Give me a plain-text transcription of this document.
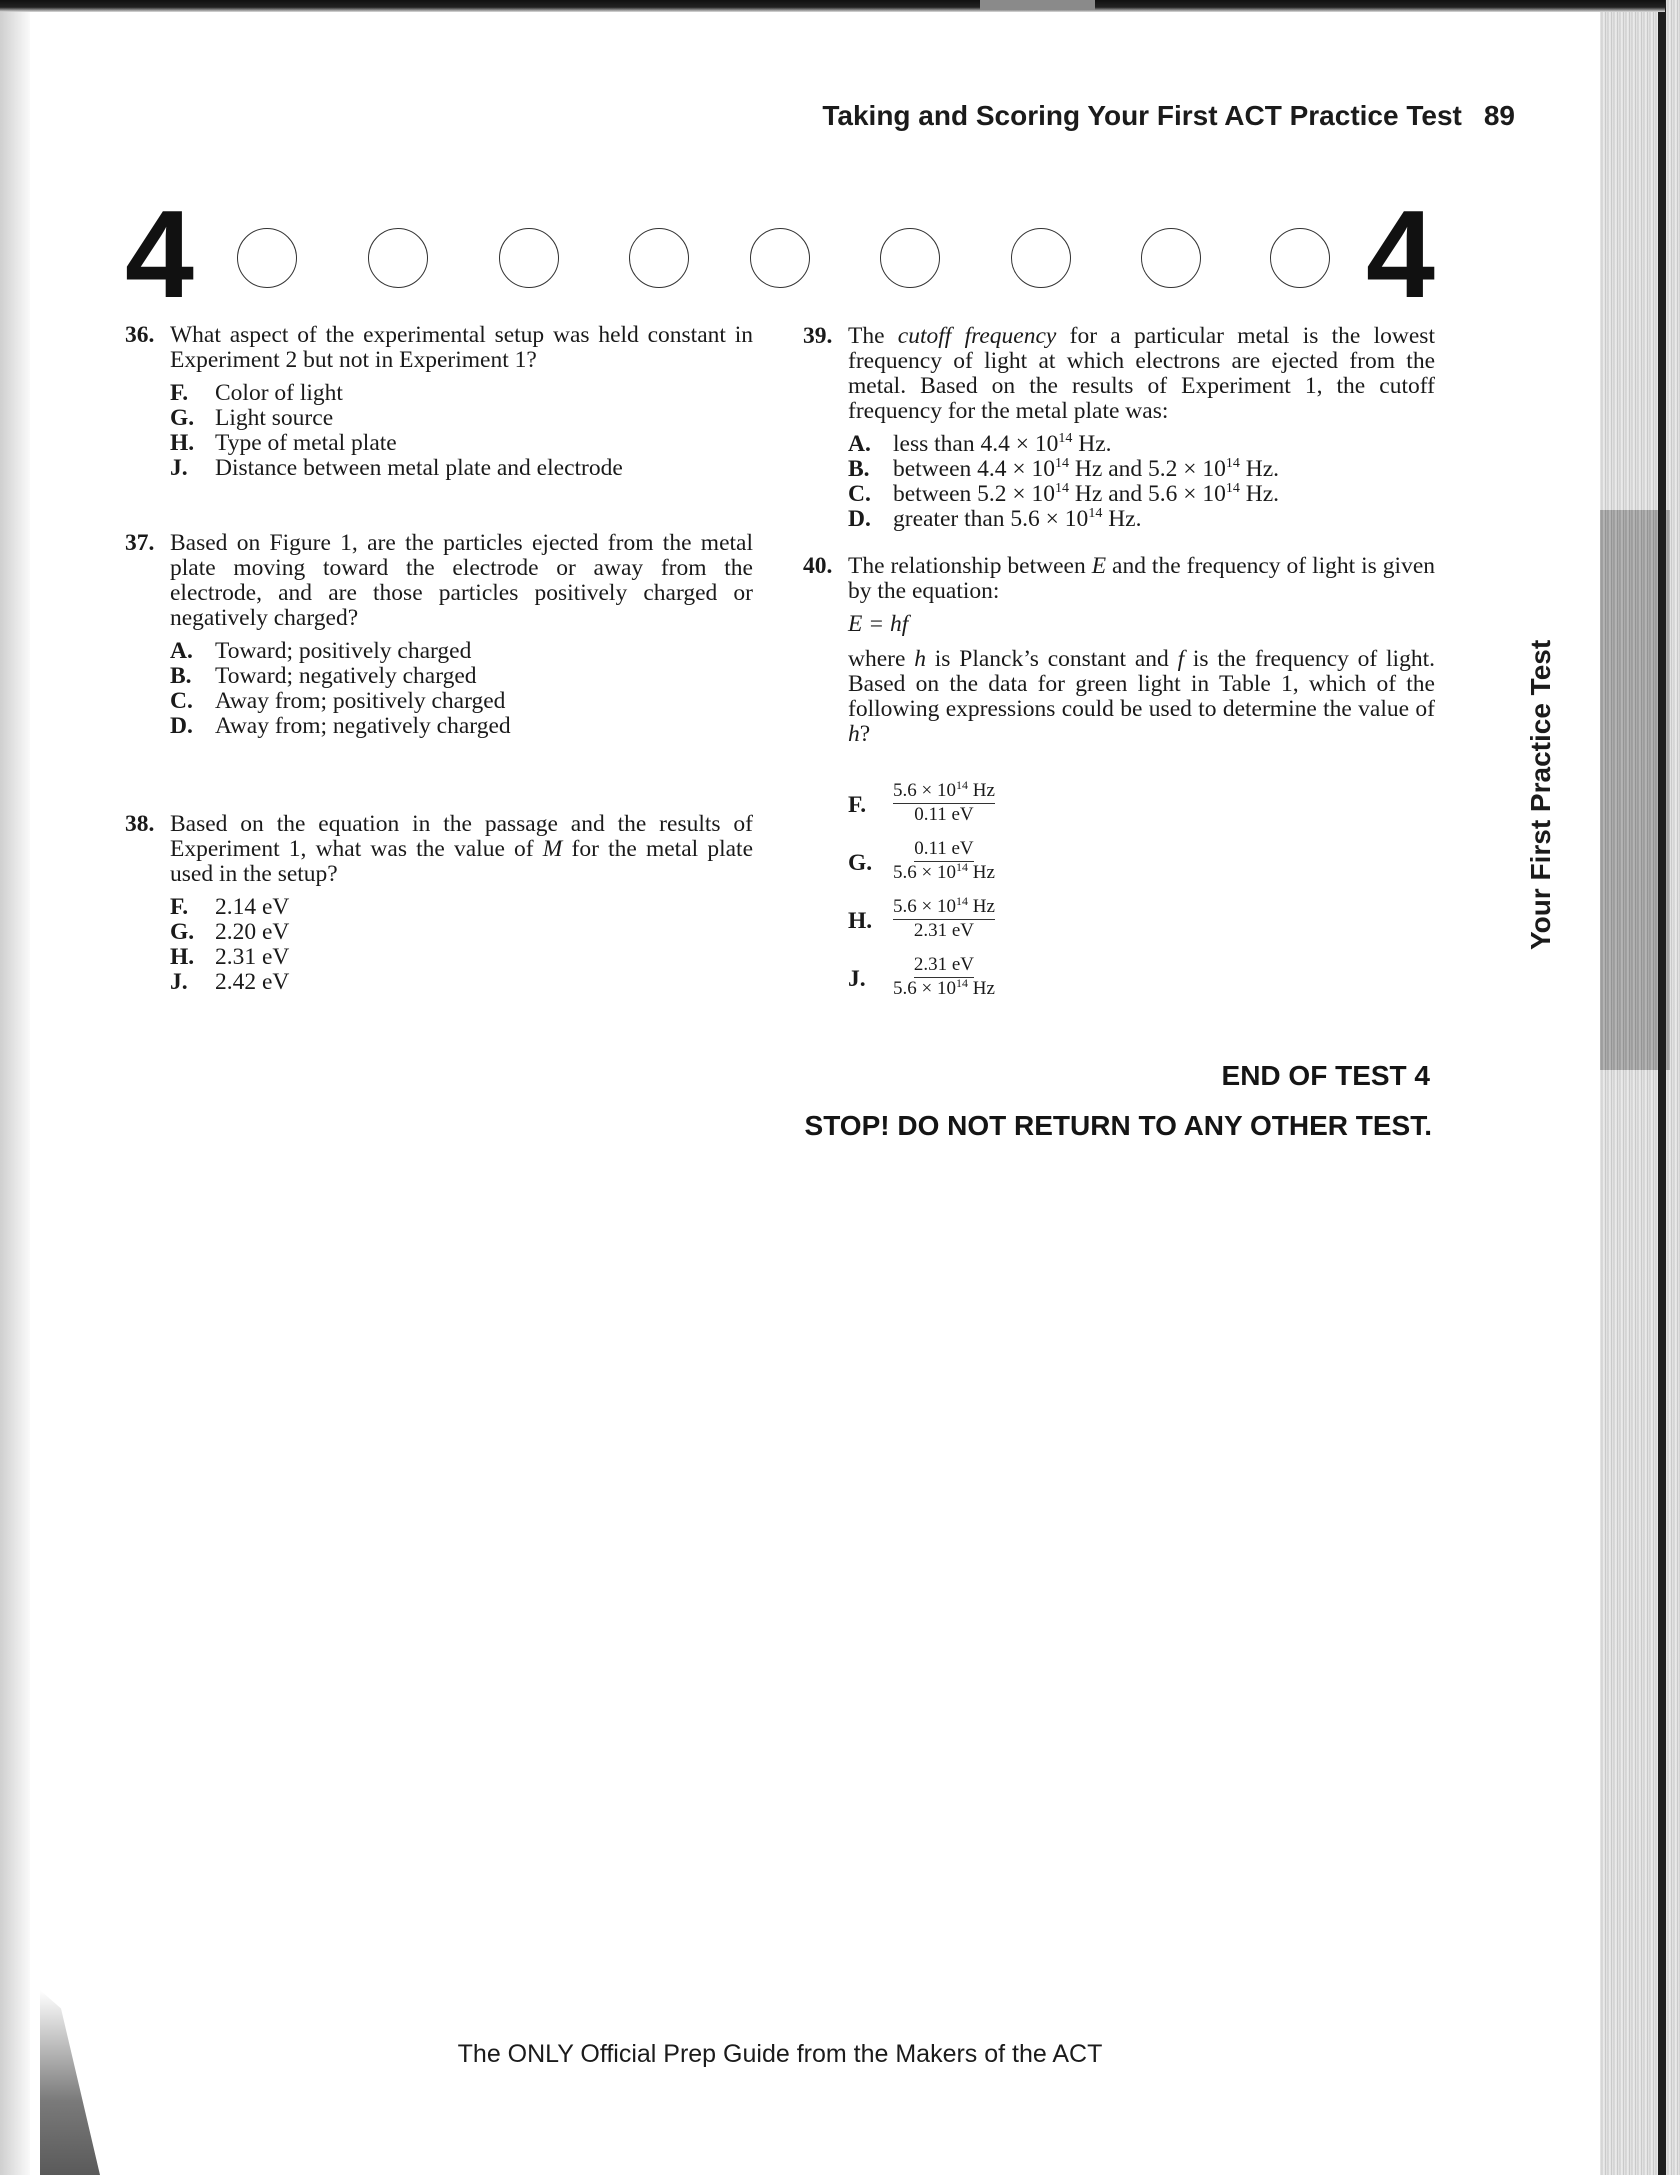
Taking and Scoring Your First ACT Practice Test 89
4	4
36. What aspect of the experimental setup was held constant in Experiment 2 but not in Experiment 1?
F. Color of light
G. Light source
H. Type of metal plate
J. Distance between metal plate and electrode
37. Based on Figure 1, are the particles ejected from the metal plate moving toward the electrode or away from the electrode, and are those particles positively charged or negatively charged?
A. Toward; positively charged
B. Toward; negatively charged
C. Away from; positively charged
D. Away from; negatively charged
38. Based on the equation in the passage and the results of Experiment 1, what was the value of M for the metal plate used in the setup?
F. 2.14 eV
G. 2.20 eV
H. 2.31 eV
J. 2.42 eV
39. The cutoff frequency for a particular metal is the lowest frequency of light at which electrons are ejected from the metal. Based on the results of Experiment 1, the cutoff frequency for the metal plate was:
A. less than $4.4 \times 10^{14}$ Hz.
B. between $4.4 \times 10^{14}$ Hz and $5.2 \times 10^{14}$ Hz.
C. between $5.2 \times 10^{14}$ Hz and $5.6 \times 10^{14}$ Hz.
D. greater than $5.6 \times 10^{14}$ Hz.
40. The relationship between E and the frequency of light is given by the equation:
E = hf
where h is Planck’s constant and f is the frequency of light. Based on the data for green light in Table 1, which of the following expressions could be used to determine the value of h?
F. $\frac{5.6 \times 10^{14} Hz}{0.11 eV}$
G. $\frac{0.11 eV}{5.6 \times 10^{14} Hz}$
H. $\frac{5.6 \times 10^{14} Hz}{2.31 eV}$
J. $\frac{2.31 eV}{5.6 \times 10^{14} Hz}$
END OF TEST 4
STOP! DO NOT RETURN TO ANY OTHER TEST.
Your First Practice Test
The ONLY Official Prep Guide from the Makers of the ACT
